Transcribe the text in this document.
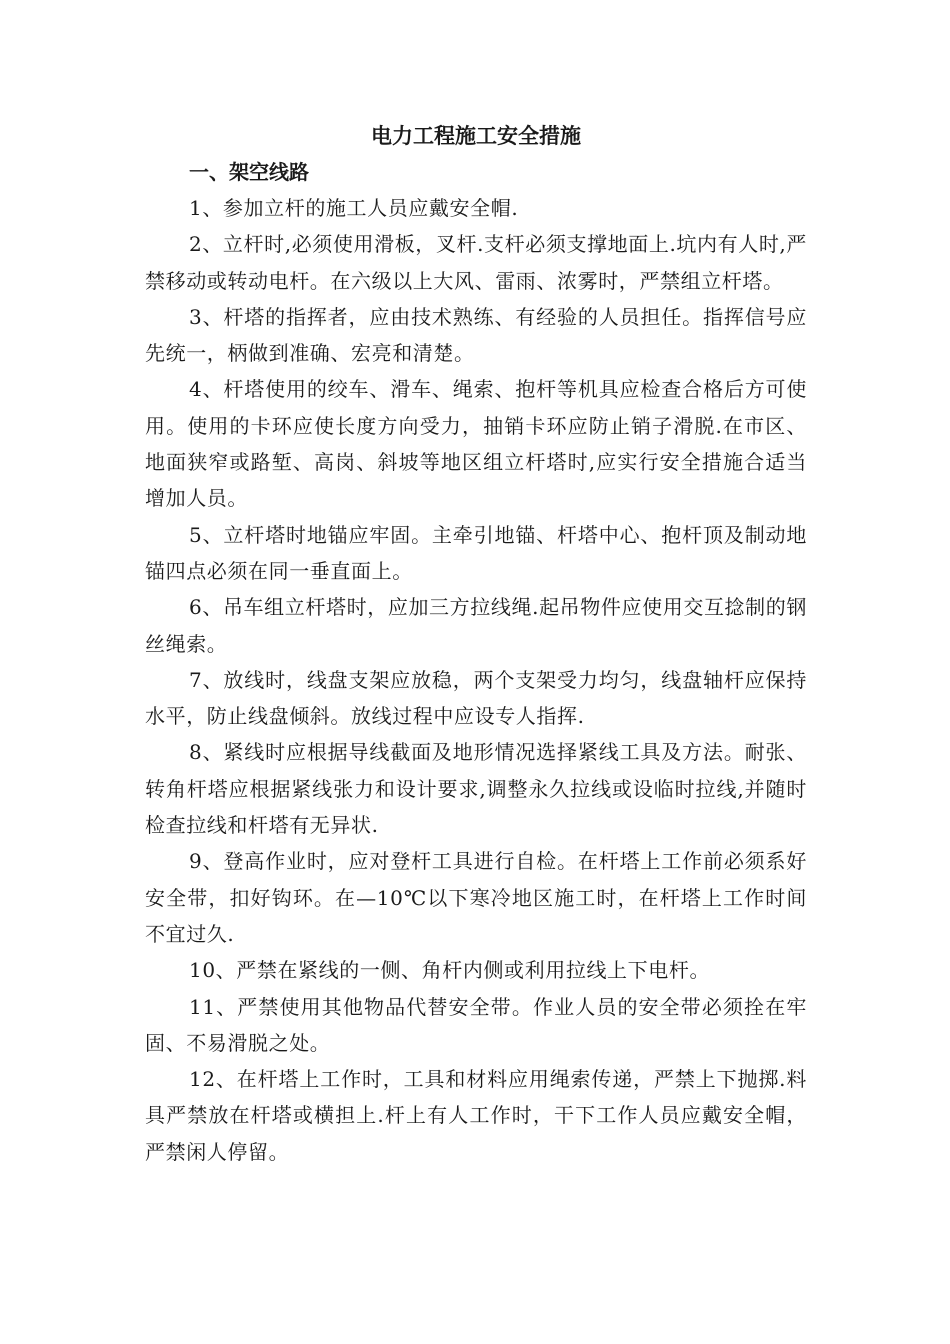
电力工程施工安全措施

一、架空线路

1、参加立杆的施工人员应戴安全帽.

2、立杆时,必须使用滑板，叉杆.支杆必须支撑地面上.坑内有人时,严禁移动或转动电杆。在六级以上大风、雷雨、浓雾时，严禁组立杆塔。

3、杆塔的指挥者，应由技术熟练、有经验的人员担任。指挥信号应先统一，柄做到准确、宏亮和清楚。

4、杆塔使用的绞车、滑车、绳索、抱杆等机具应检查合格后方可使用。使用的卡环应使长度方向受力，抽销卡环应防止销子滑脱.在市区、地面狭窄或路堑、高岗、斜坡等地区组立杆塔时,应实行安全措施合适当增加人员。

5、立杆塔时地锚应牢固。主牵引地锚、杆塔中心、抱杆顶及制动地锚四点必须在同一垂直面上。

6、吊车组立杆塔时，应加三方拉线绳.起吊物件应使用交互捻制的钢丝绳索。

7、放线时，线盘支架应放稳，两个支架受力均匀，线盘轴杆应保持水平，防止线盘倾斜。放线过程中应设专人指挥.

8、紧线时应根据导线截面及地形情况选择紧线工具及方法。耐张、转角杆塔应根据紧线张力和设计要求,调整永久拉线或设临时拉线,并随时检查拉线和杆塔有无异状.

9、登高作业时，应对登杆工具进行自检。在杆塔上工作前必须系好安全带，扣好钩环。在—10℃以下寒冷地区施工时，在杆塔上工作时间不宜过久.

10、严禁在紧线的一侧、角杆内侧或利用拉线上下电杆。

11、严禁使用其他物品代替安全带。作业人员的安全带必须拴在牢固、不易滑脱之处。

12、在杆塔上工作时，工具和材料应用绳索传递，严禁上下抛掷.料具严禁放在杆塔或横担上.杆上有人工作时，干下工作人员应戴安全帽，严禁闲人停留。
